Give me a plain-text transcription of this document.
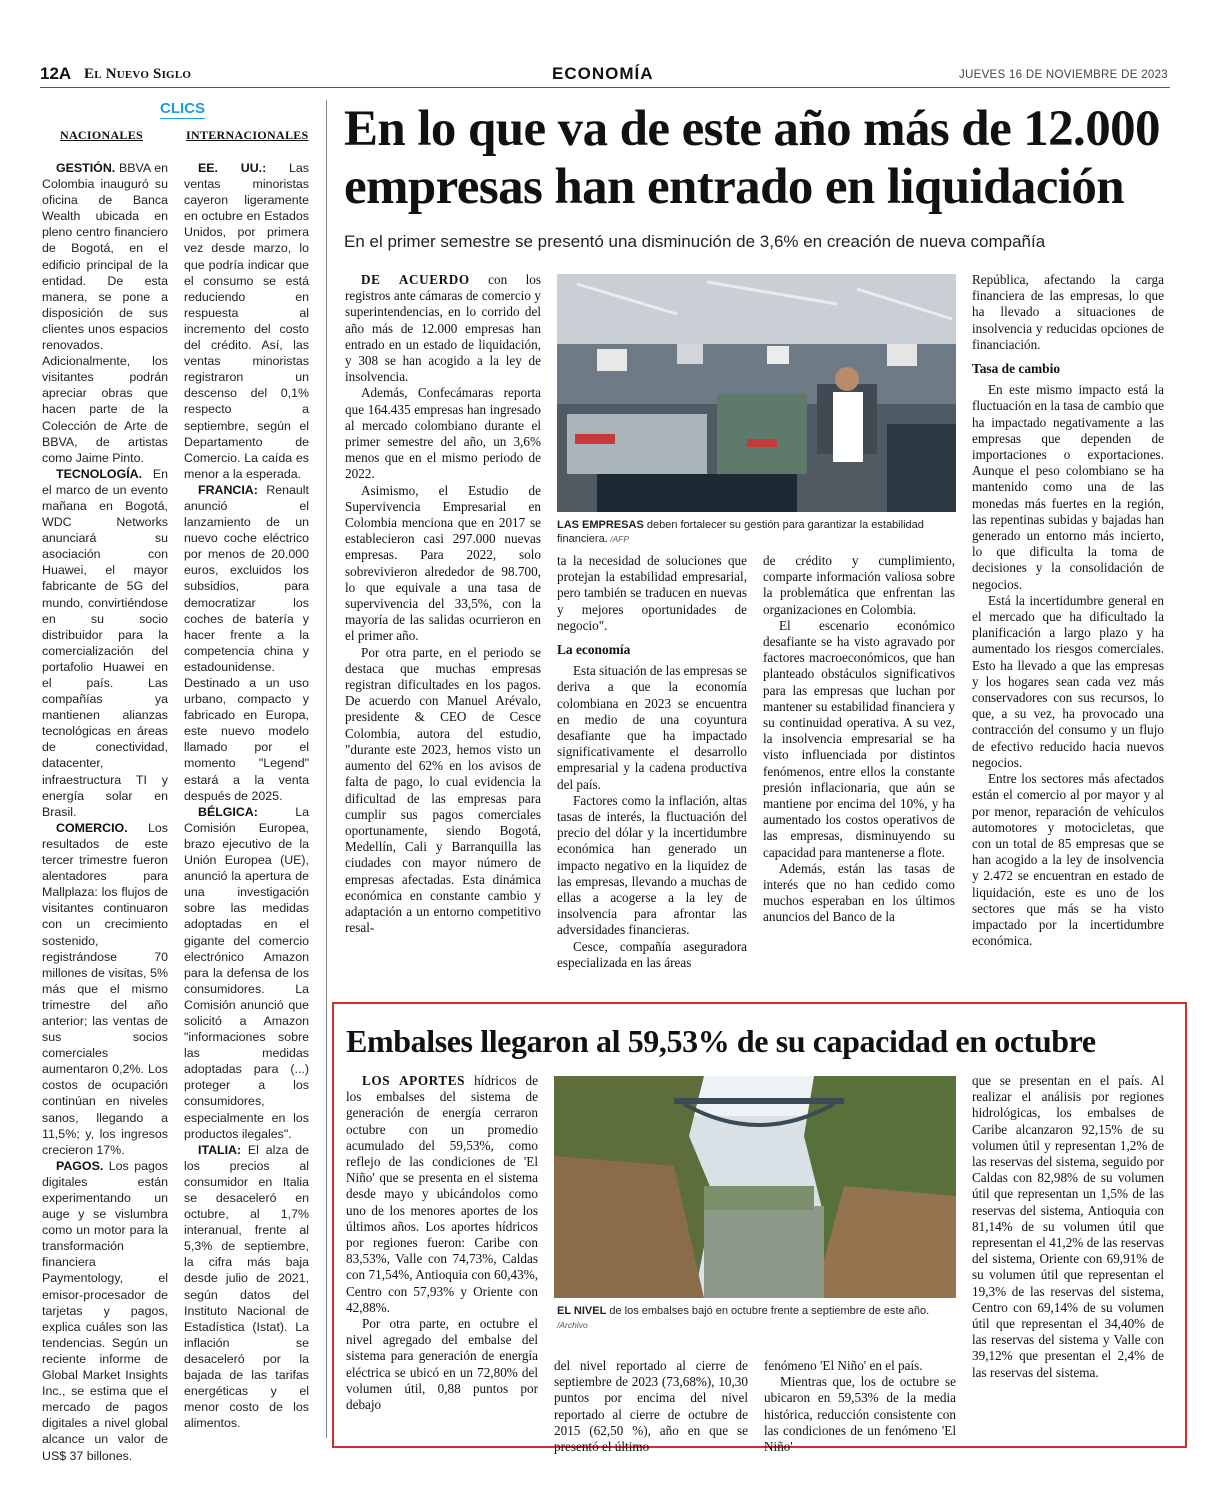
12A El Nuevo Siglo	ECONOMÍA	JUEVES 16 DE NOVIEMBRE DE 2023
CLICS
NACIONALES	INTERNACIONALES

GESTIÓN. BBVA en Colombia inauguró su oficina de Banca Wealth ubicada en pleno centro financiero de Bogotá, en el edificio principal de la entidad. De esta manera, se pone a disposición de sus clientes unos espacios renovados. Adicionalmente, los visitantes podrán apreciar obras que hacen parte de la Colección de Arte de BBVA, de artistas como Jaime Pinto.

TECNOLOGÍA. En el marco de un evento mañana en Bogotá, WDC Networks anunciará su asociación con Huawei, el mayor fabricante de 5G del mundo, convirtiéndose en su socio distribuidor para la comercialización del portafolio Huawei en el país. Las compañías ya mantienen alianzas tecnológicas en áreas de conectividad, datacenter, infraestructura TI y energía solar en Brasil.

COMERCIO. Los resultados de este tercer trimestre fueron alentadores para Mallplaza: los flujos de visitantes continuaron con un crecimiento sostenido, registrándose 70 millones de visitas, 5% más que el mismo trimestre del año anterior; las ventas de sus socios comerciales aumentaron 0,2%. Los costos de ocupación continúan en niveles sanos, llegando a 11,5%; y, los ingresos crecieron 17%.

PAGOS. Los pagos digitales están experimentando un auge y se vislumbra como un motor para la transformación financiera Paymentology, el emisor-procesador de tarjetas y pagos, explica cuáles son las tendencias. Según un reciente informe de Global Market Insights Inc., se estima que el mercado de pagos digitales a nivel global alcance un valor de US$ 37 billones.

EE. UU.: Las ventas minoristas cayeron ligeramente en octubre en Estados Unidos, por primera vez desde marzo, lo que podría indicar que el consumo se está reduciendo en respuesta al incremento del costo del crédito. Así, las ventas minoristas registraron un descenso del 0,1% respecto a septiembre, según el Departamento de Comercio. La caída es menor a la esperada.

FRANCIA: Renault anunció el lanzamiento de un nuevo coche eléctrico por menos de 20.000 euros, excluidos los subsidios, para democratizar los coches de batería y hacer frente a la competencia china y estadounidense. Destinado a un uso urbano, compacto y fabricado en Europa, este nuevo modelo llamado por el momento "Legend" estará a la venta después de 2025.

BÉLGICA: La Comisión Europea, brazo ejecutivo de la Unión Europea (UE), anunció la apertura de una investigación sobre las medidas adoptadas en el gigante del comercio electrónico Amazon para la defensa de los consumidores. La Comisión anunció que solicitó a Amazon "informaciones sobre las medidas adoptadas para (...) proteger a los consumidores, especialmente en los productos ilegales".

ITALIA: El alza de los precios al consumidor en Italia se desaceleró en octubre, al 1,7% interanual, frente al 5,3% de septiembre, la cifra más baja desde julio de 2021, según datos del Instituto Nacional de Estadística (Istat). La inflación se desaceleró por la bajada de las tarifas energéticas y el menor costo de los alimentos.

En lo que va de este año más de 12.000 empresas han entrado en liquidación
En el primer semestre se presentó una disminución de 3,6% en creación de nueva compañía

DE ACUERDO con los registros ante cámaras de comercio y superintendencias, en lo corrido del año más de 12.000 empresas han entrado en un estado de liquidación, y 308 se han acogido a la ley de insolvencia.

Además, Confecámaras reporta que 164.435 empresas han ingresado al mercado colombiano durante el primer semestre del año, un 3,6% menos que en el mismo periodo de 2022.

Asimismo, el Estudio de Supervivencia Empresarial en Colombia menciona que en 2017 se establecieron casi 297.000 nuevas empresas. Para 2022, solo sobrevivieron alrededor de 98.700, lo que equivale a una tasa de supervivencia del 33,5%, con la mayoría de las salidas ocurrieron en el primer año.

Por otra parte, en el periodo se destaca que muchas empresas registran dificultades en los pagos. De acuerdo con Manuel Arévalo, presidente & CEO de Cesce Colombia, autora del estudio, "durante este 2023, hemos visto un aumento del 62% en los avisos de falta de pago, lo cual evidencia la dificultad de las empresas para cumplir sus pagos comerciales oportunamente, siendo Bogotá, Medellín, Cali y Barranquilla las ciudades con mayor número de empresas afectadas. Esta dinámica económica en constante cambio y adaptación a un entorno competitivo resal-

LAS EMPRESAS deben fortalecer su gestión para garantizar la estabilidad financiera. /AFP

ta la necesidad de soluciones que protejan la estabilidad empresarial, pero también se traducen en nuevas y mejores oportunidades de negocio".

La economía

Esta situación de las empresas se deriva a que la economía colombiana en 2023 se encuentra en medio de una coyuntura desafiante que ha impactado significativamente el desarrollo empresarial y la cadena productiva del país.

Factores como la inflación, altas tasas de interés, la fluctuación del precio del dólar y la incertidumbre económica han generado un impacto negativo en la liquidez de las empresas, llevando a muchas de ellas a acogerse a la ley de insolvencia para afrontar las adversidades financieras.

Cesce, compañía aseguradora especializada en las áreas

de crédito y cumplimiento, comparte información valiosa sobre la problemática que enfrentan las organizaciones en Colombia.

El escenario económico desafiante se ha visto agravado por factores macroeconómicos, que han planteado obstáculos significativos para las empresas que luchan por mantener su estabilidad financiera y su continuidad operativa. A su vez, la insolvencia empresarial se ha visto influenciada por distintos fenómenos, entre ellos la constante presión inflacionaria, que aún se mantiene por encima del 10%, y ha aumentado los costos operativos de las empresas, disminuyendo su capacidad para mantenerse a flote.

Además, están las tasas de interés que no han cedido como muchos esperaban en los últimos anuncios del Banco de la

República, afectando la carga financiera de las empresas, lo que ha llevado a situaciones de insolvencia y reducidas opciones de financiación.

Tasa de cambio

En este mismo impacto está la fluctuación en la tasa de cambio que ha impactado negativamente a las empresas que dependen de importaciones o exportaciones. Aunque el peso colombiano se ha mantenido como una de las monedas más fuertes en la región, las repentinas subidas y bajadas han generado un entorno más incierto, lo que dificulta la toma de decisiones y la consolidación de negocios.

Está la incertidumbre general en el mercado que ha dificultado la planificación a largo plazo y ha aumentado los riesgos comerciales. Esto ha llevado a que las empresas y los hogares sean cada vez más conservadores con sus recursos, lo que, a su vez, ha provocado una contracción del consumo y un flujo de efectivo reducido hacia nuevos negocios.

Entre los sectores más afectados están el comercio al por mayor y al por menor, reparación de vehículos automotores y motocicletas, que con un total de 85 empresas que se han acogido a la ley de insolvencia y 2.472 se encuentran en estado de liquidación, este es uno de los sectores que más se ha visto impactado por la incertidumbre económica.

Embalses llegaron al 59,53% de su capacidad en octubre

LOS APORTES hídricos de los embalses del sistema de generación de energía cerraron octubre con un promedio acumulado del 59,53%, como reflejo de las condiciones de 'El Niño' que se presenta en el sistema desde mayo y ubicándolos como uno de los menores aportes de los últimos años. Los aportes hídricos por regiones fueron: Caribe con 83,53%, Valle con 74,73%, Caldas con 71,54%, Antioquia con 60,43%, Centro con 57,93% y Oriente con 42,88%.

Por otra parte, en octubre el nivel agregado del embalse del sistema para generación de energía eléctrica se ubicó en un 72,80% del volumen útil, 0,88 puntos por debajo

EL NIVEL de los embalses bajó en octubre frente a septiembre de este año. /Archivo

del nivel reportado al cierre de septiembre de 2023 (73,68%), 10,30 puntos por encima del nivel reportado al cierre de octubre de 2015 (62,50 %), año en que se presentó el último

fenómeno 'El Niño' en el país.

Mientras que, los de octubre se ubicaron en 59,53% de la media histórica, reducción consistente con las condiciones de un fenómeno 'El Niño'

que se presentan en el país. Al realizar el análisis por regiones hidrológicas, los embalses de Caribe alcanzaron 92,15% de su volumen útil y representan 1,2% de las reservas del sistema, seguido por Caldas con 82,98% de su volumen útil que representan un 1,5% de las reservas del sistema, Antioquia con 81,14% de su volumen útil que representan el 41,2% de las reservas del sistema, Oriente con 69,91% de su volumen útil que representan el 19,3% de las reservas del sistema, Centro con 69,14% de su volumen útil que representan el 34,40% de las reservas del sistema y Valle con 39,12% que presentan el 2,4% de las reservas del sistema.
